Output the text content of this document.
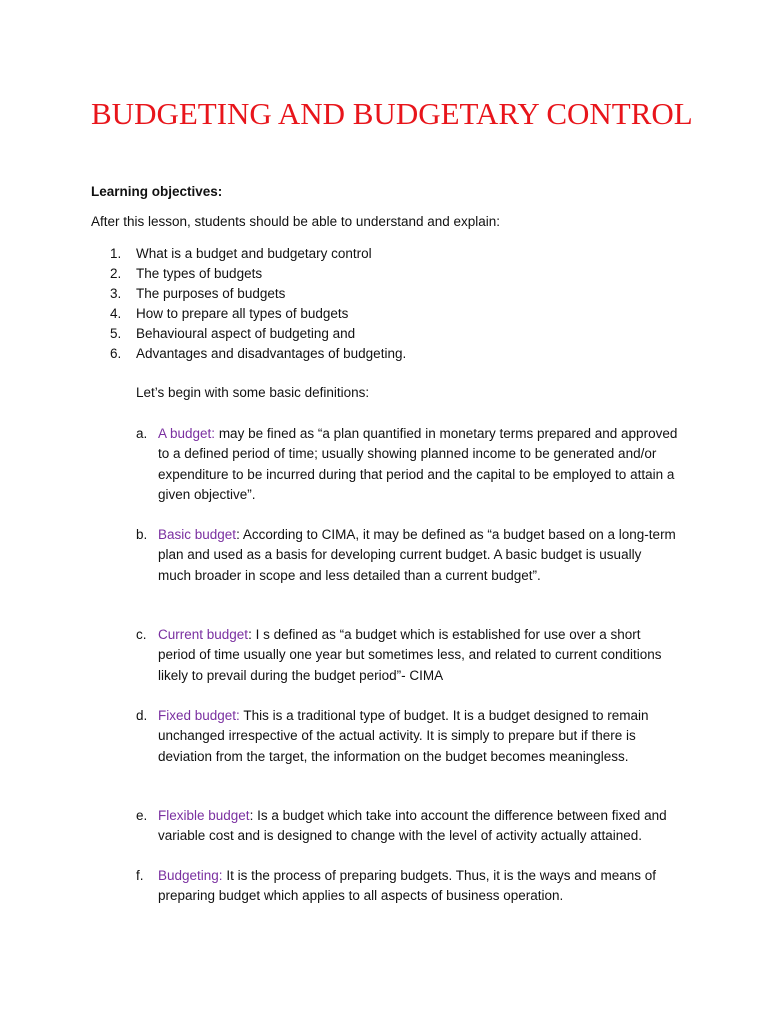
BUDGETING AND BUDGETARY CONTROL

Learning objectives:

After this lesson, students should be able to understand and explain:

1.	What is a budget and budgetary control
2.	The types of budgets
3.	The purposes of budgets
4.	How to prepare all types of budgets
5.	Behavioural aspect of budgeting and
6.	Advantages and disadvantages of budgeting.

Let’s begin with some basic definitions:

a. A budget: may be fined as “a plan quantified in monetary terms prepared and approved to a defined period of time; usually showing planned income to be generated and/or expenditure to be incurred during that period and the capital to be employed to attain a given objective”.
b. Basic budget: According to CIMA, it may be defined as “a budget based on a long-term plan and used as a basis for developing current budget. A basic budget is usually much broader in scope and less detailed than a current budget”.
c. Current budget: I s defined as “a budget which is established for use over a short period of time usually one year but sometimes less, and related to current conditions likely to prevail during the budget period”- CIMA
d. Fixed budget: This is a traditional type of budget. It is a budget designed to remain unchanged irrespective of the actual activity. It is simply to prepare but if there is deviation from the target, the information on the budget becomes meaningless.
e. Flexible budget: Is a budget which take into account the difference between fixed and variable cost and is designed to change with the level of activity actually attained.
f. Budgeting: It is the process of preparing budgets. Thus, it is the ways and means of preparing budget which applies to all aspects of business operation.
